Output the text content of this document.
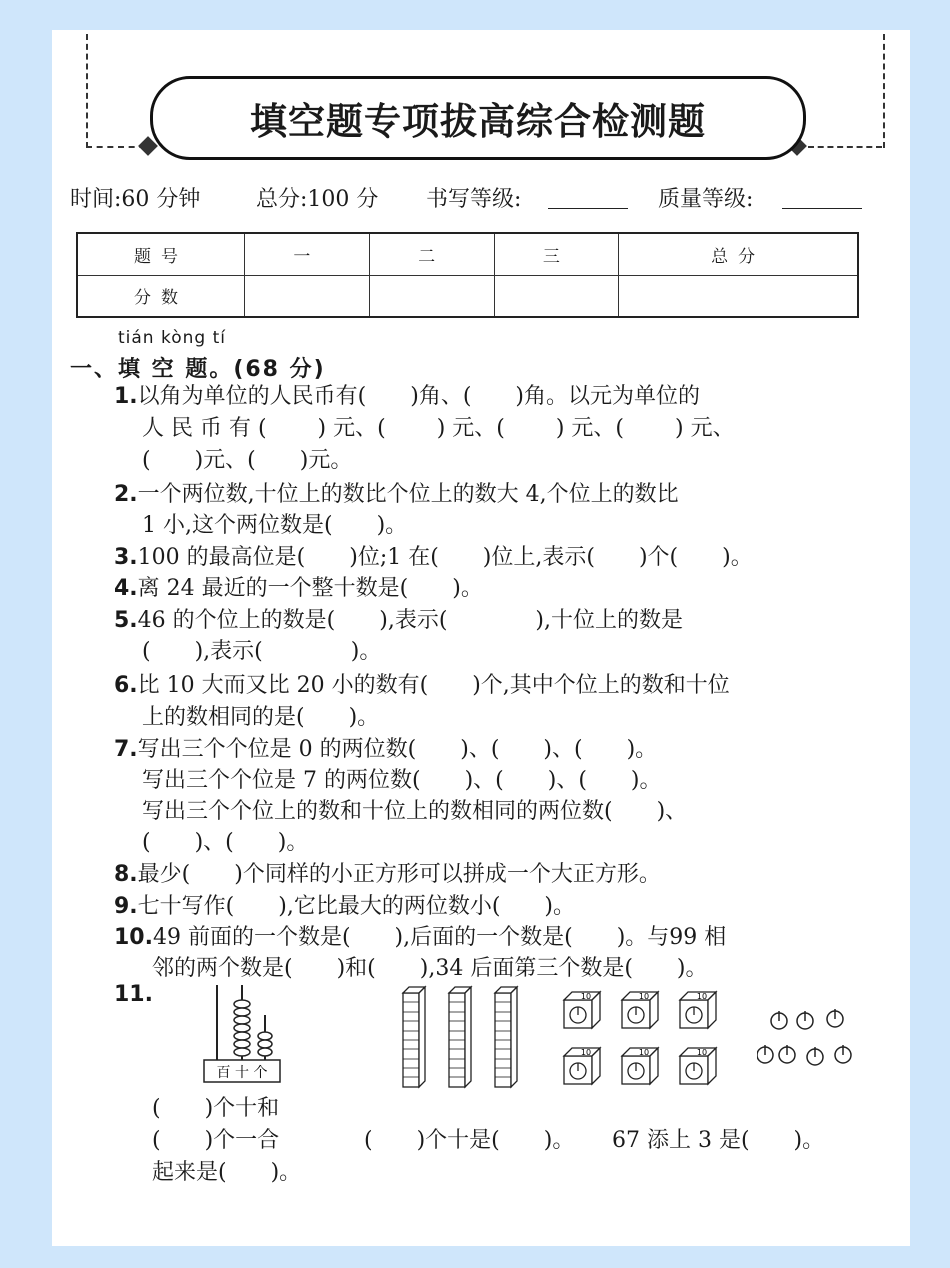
填空题专项拔高综合检测题
时间:60 分钟	总分:100 分 书写等级:	质量等级:
题号	一	二	三	总分
分数				
tián kòng tí
一、填 空 题。(68 分)
1.以角为单位的人民币有(　　)角、(　　)角。以元为单位的
人 民 币 有 (　　 ) 元、(　　 ) 元、(　　 ) 元、(　　 ) 元、
(　　)元、(　　)元。
2.一个两位数,十位上的数比个位上的数大 4,个位上的数比
1 小,这个两位数是(　　)。
3.100 的最高位是(　　)位;1 在(　　)位上,表示(　　)个(　　)。
4.离 24 最近的一个整十数是(　　)。
5.46 的个位上的数是(　　),表示(　　　　),十位上的数是
(　　),表示(　　　　)。
6.比 10 大而又比 20 小的数有(　　)个,其中个位上的数和十位
上的数相同的是(　　)。
7.写出三个个位是 0 的两位数(　　)、(　　)、(　　)。
写出三个个位是 7 的两位数(　　)、(　　)、(　　)。
写出三个个位上的数和十位上的数相同的两位数(　　)、
(　　)、(　　)。
8.最少(　　)个同样的小正方形可以拼成一个大正方形。
9.七十写作(　　),它比最大的两位数小(　　)。
10.49 前面的一个数是(　　),后面的一个数是(　　)。与99 相
邻的两个数是(　　)和(　　),34 后面第三个数是(　　)。
11.
百 十 个
10	10	10
10	10	10
(　　)个十和
(　　)个一合
起来是(　　)。
(　　)个十是(　　)。 67 添上 3 是(　　)。
